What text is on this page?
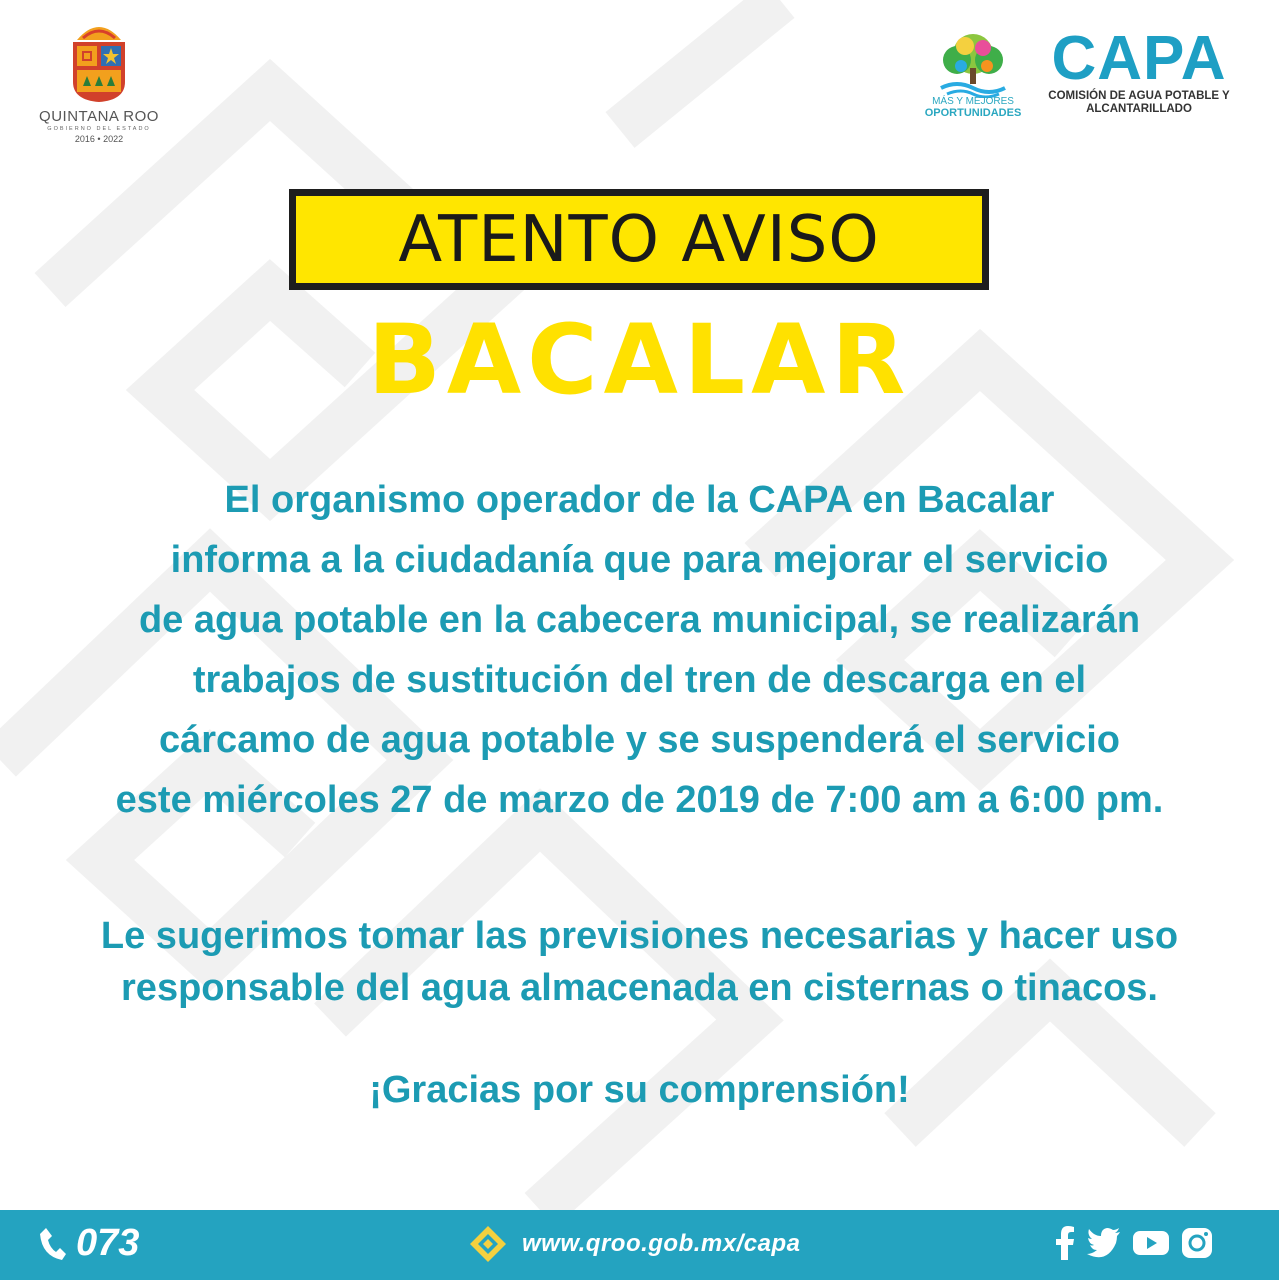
QUINTANA ROO
GOBIERNO DEL ESTADO
2016 • 2022
MÁS Y MEJORES
OPORTUNIDADES
CAPA
COMISIÓN DE AGUA POTABLE Y
ALCANTARILLADO
ATENTO AVISO
BACALAR
El organismo operador de la CAPA en Bacalar
informa a la ciudadanía que para mejorar el servicio
de agua potable en la cabecera municipal, se realizarán
trabajos de sustitución del tren de descarga en el
cárcamo de agua potable y se suspenderá el servicio
este miércoles 27 de marzo de 2019 de 7:00 am a 6:00 pm.
Le sugerimos tomar las previsiones necesarias y hacer uso
responsable del agua almacenada en cisternas o tinacos.
¡Gracias por su comprensión!
073	www.qroo.gob.mx/capa
